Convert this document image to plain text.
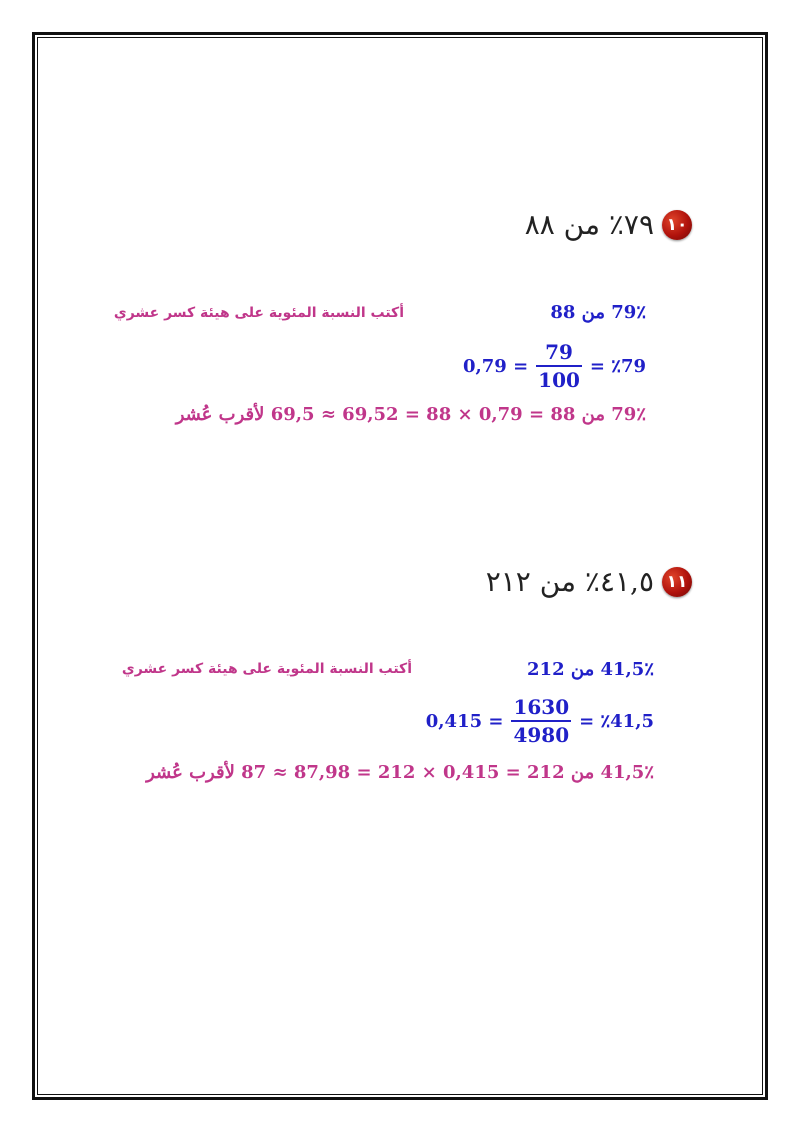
٧٩٪ من ٨٨ ١٠
79٪ من 88
أكتب النسبة المئوية على هيئة كسر عشري
$0,79 = \frac{79}{100}$ = ٪79
79٪ من 88 = 0,79 × 88 = 69,52 ≈ 69,5 لأقرب عُشر
٤١,٥٪ من ٢١٢ ١١
41,5٪ من 212
أكتب النسبة المئوية على هيئة كسر عشري
$0,415 = \frac{1630}{4980}$ = ٪41,5
41,5٪ من 212 = 0,415 × 212 = 87,98 ≈ 87 لأقرب عُشر
